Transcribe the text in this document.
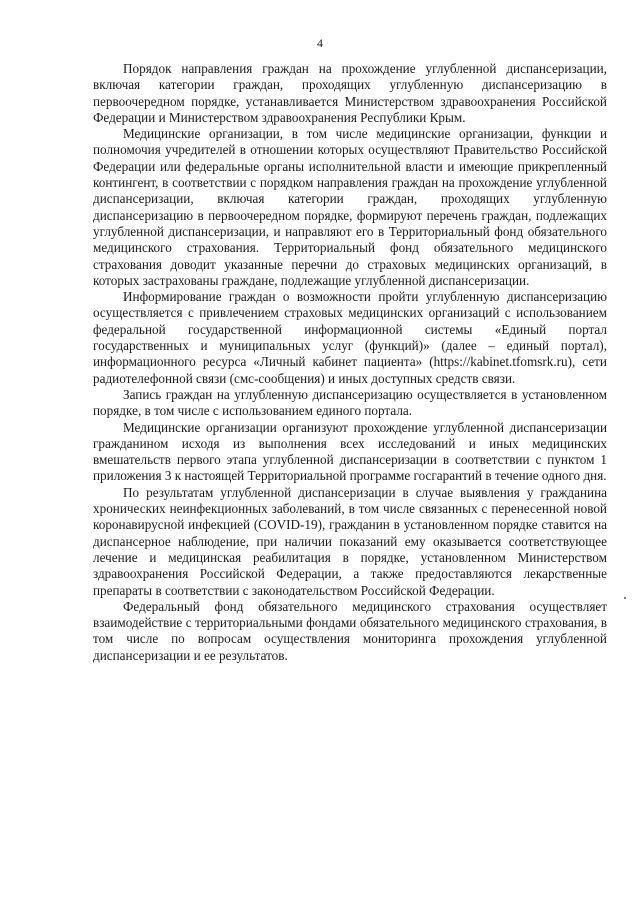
4

Порядок направления граждан на прохождение углубленной диспансеризации, включая категории граждан, проходящих углубленную диспансеризацию в первоочередном порядке, устанавливается Министерством здравоохранения Российской Федерации и Министерством здравоохранения Республики Крым.

Медицинские организации, в том числе медицинские организации, функции и полномочия учредителей в отношении которых осуществляют Правительство Российской Федерации или федеральные органы исполнительной власти и имеющие прикрепленный контингент, в соответствии с порядком направления граждан на прохождение углубленной диспансеризации, включая категории граждан, проходящих углубленную диспансеризацию в первоочередном порядке, формируют перечень граждан, подлежащих углубленной диспансеризации, и направляют его в Территориальный фонд обязательного медицинского страхования. Территориальный фонд обязательного медицинского страхования доводит указанные перечни до страховых медицинских организаций, в которых застрахованы граждане, подлежащие углубленной диспансеризации.

Информирование граждан о возможности пройти углубленную диспансеризацию осуществляется с привлечением страховых медицинских организаций с использованием федеральной государственной информационной системы «Единый портал государственных и муниципальных услуг (функций)» (далее – единый портал), информационного ресурса «Личный кабинет пациента» (https://kabinet.tfomsrk.ru), сети радиотелефонной связи (смс-сообщения) и иных доступных средств связи.

Запись граждан на углубленную диспансеризацию осуществляется в установленном порядке, в том числе с использованием единого портала.

Медицинские организации организуют прохождение углубленной диспансеризации гражданином исходя из выполнения всех исследований и иных медицинских вмешательств первого этапа углубленной диспансеризации в соответствии с пунктом 1 приложения 3 к настоящей Территориальной программе госгарантий в течение одного дня.

По результатам углубленной диспансеризации в случае выявления у гражданина хронических неинфекционных заболеваний, в том числе связанных с перенесенной новой коронавирусной инфекцией (COVID-19), гражданин в установленном порядке ставится на диспансерное наблюдение, при наличии показаний ему оказывается соответствующее лечение и медицинская реабилитация в порядке, установленном Министерством здравоохранения Российской Федерации, а также предоставляются лекарственные препараты в соответствии с законодательством Российской Федерации.

Федеральный фонд обязательного медицинского страхования осуществляет взаимодействие с территориальными фондами обязательного медицинского страхования, в том числе по вопросам осуществления мониторинга прохождения углубленной диспансеризации и ее результатов.
